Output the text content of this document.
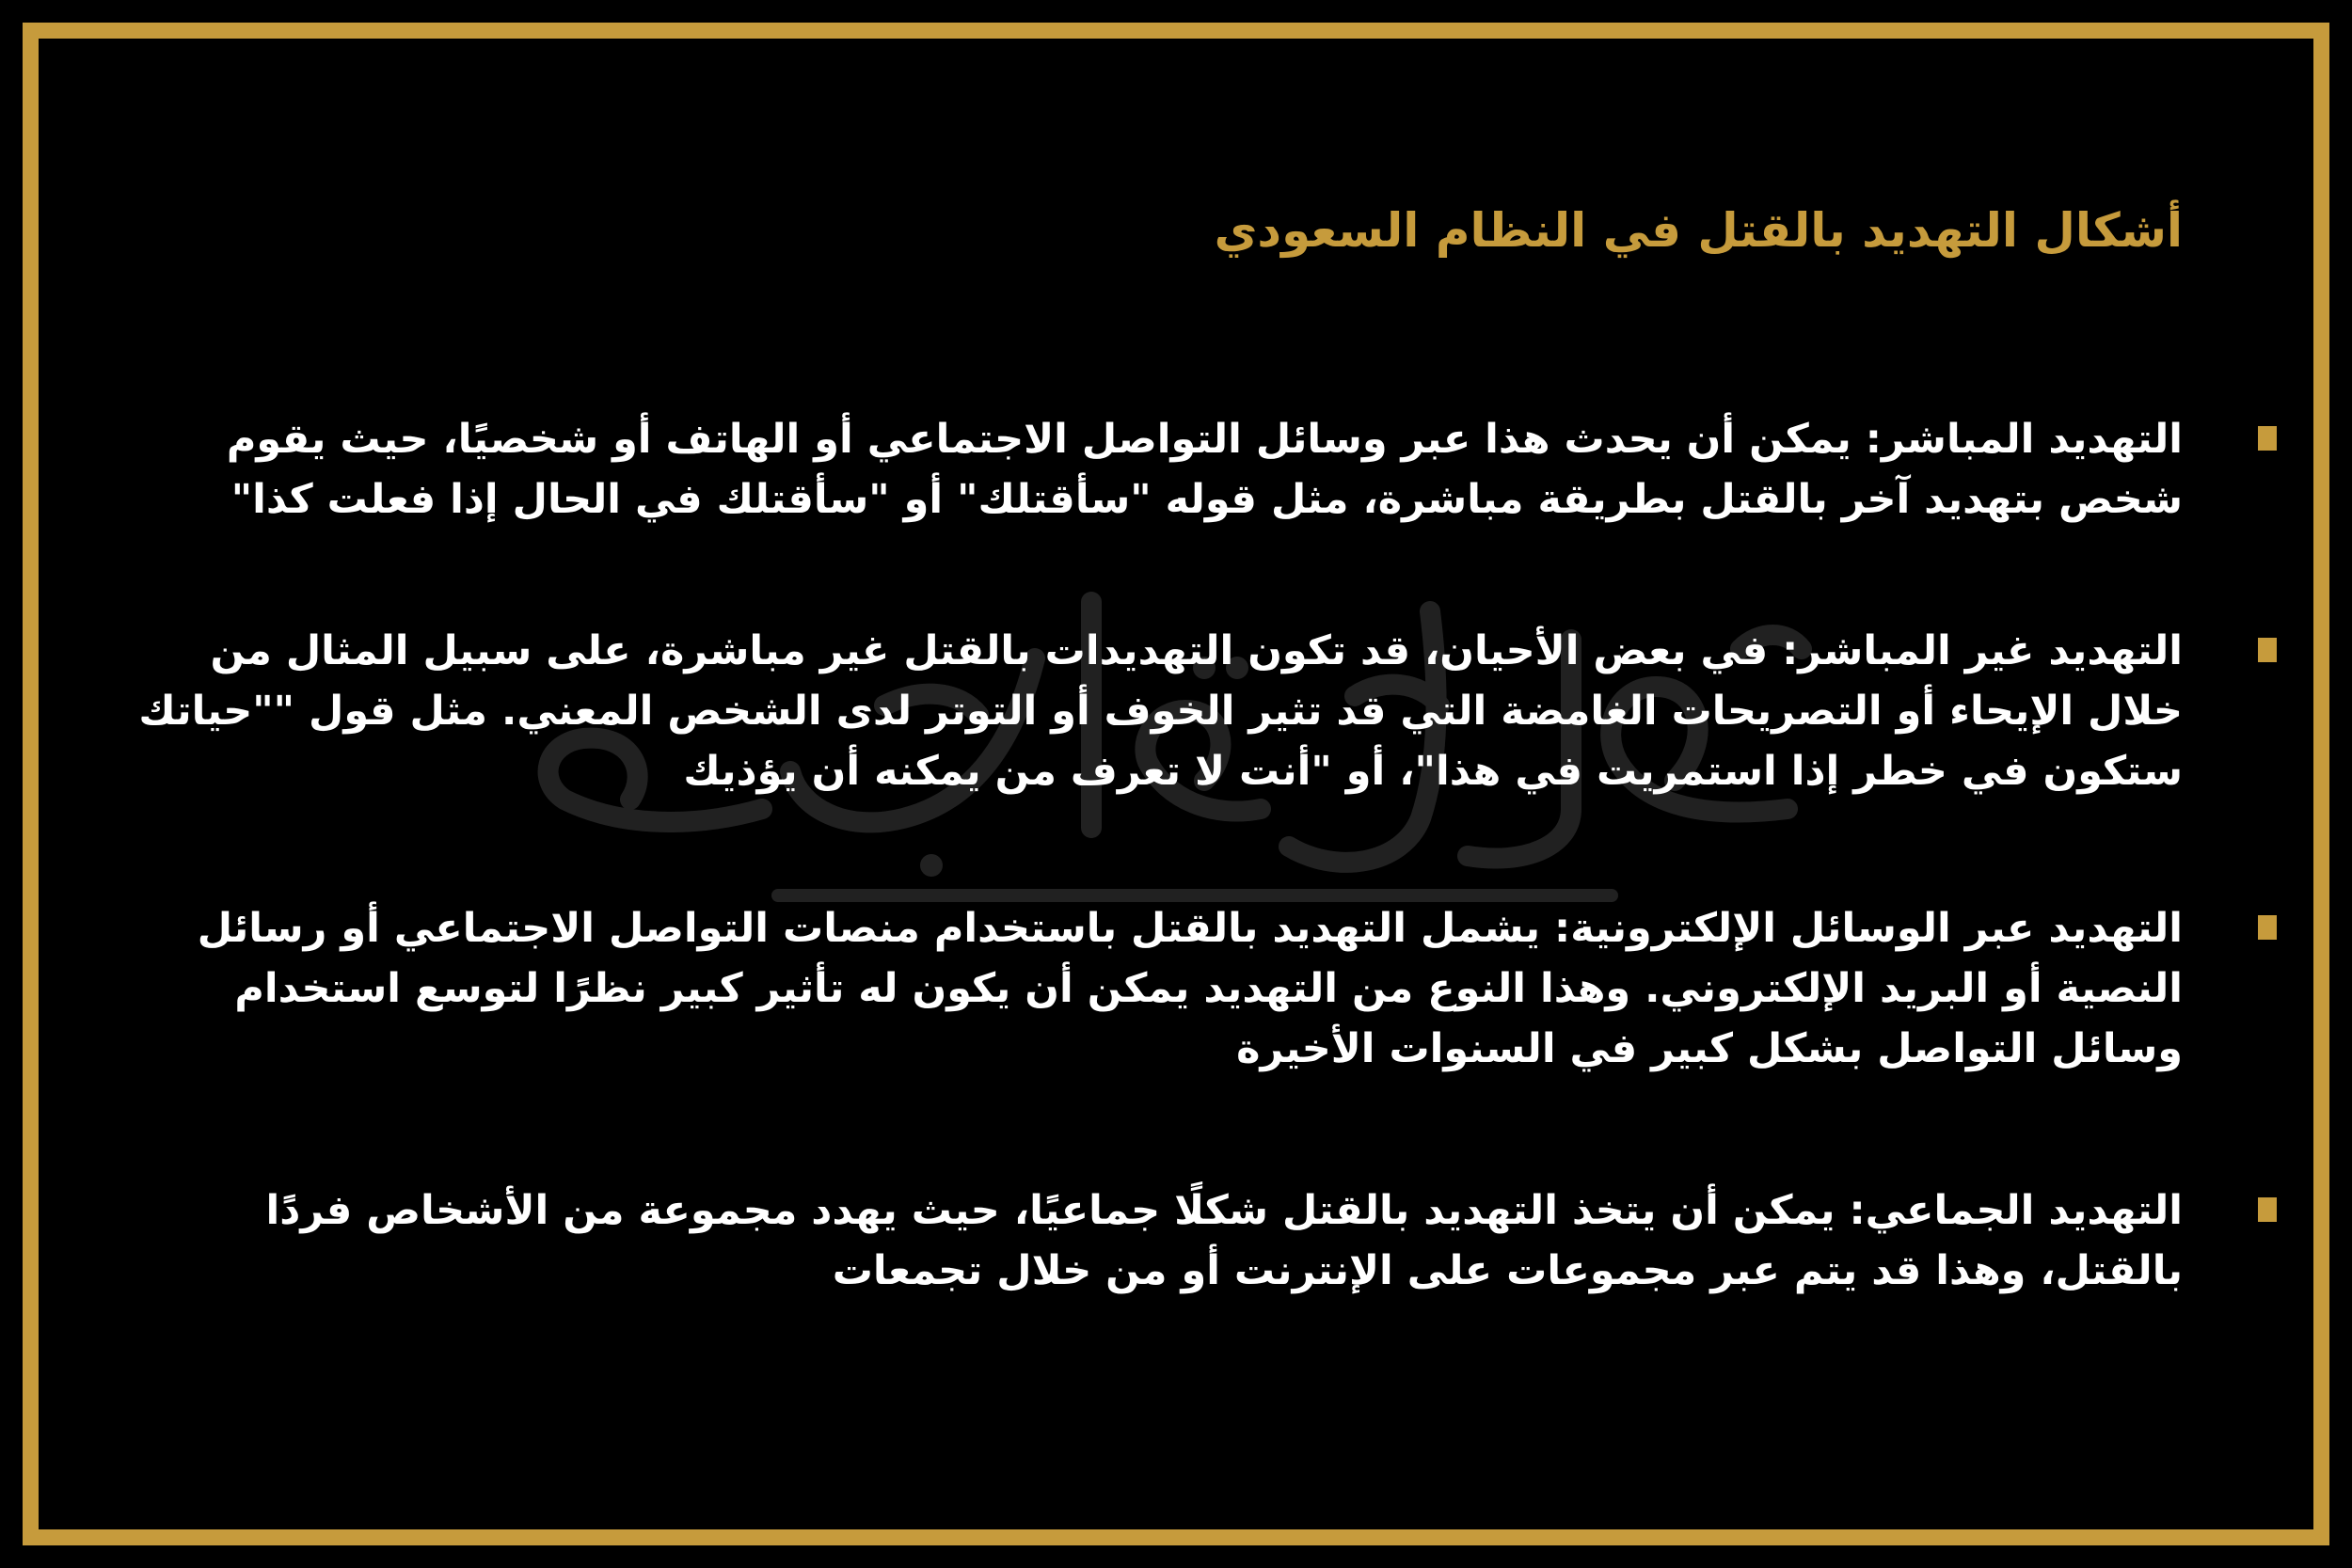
أشكال التهديد بالقتل في النظام السعودي

التهديد المباشر: يمكن أن يحدث هذا عبر وسائل التواصل الاجتماعي أو الهاتف أو شخصيًا، حيث يقوم شخص بتهديد آخر بالقتل بطريقة مباشرة، مثل قوله "سأقتلك" أو "سأقتلك في الحال إذا فعلت كذا"

التهديد غير المباشر: في بعض الأحيان، قد تكون التهديدات بالقتل غير مباشرة، على سبيل المثال من خلال الإيحاء أو التصريحات الغامضة التي قد تثير الخوف أو التوتر لدى الشخص المعني. مثل قول ""حياتك ستكون في خطر إذا استمريت في هذا"، أو "أنت لا تعرف من يمكنه أن يؤذيك

التهديد عبر الوسائل الإلكترونية: يشمل التهديد بالقتل باستخدام منصات التواصل الاجتماعي أو رسائل النصية أو البريد الإلكتروني. وهذا النوع من التهديد يمكن أن يكون له تأثير كبير نظرًا لتوسع استخدام وسائل التواصل بشكل كبير في السنوات الأخيرة

التهديد الجماعي: يمكن أن يتخذ التهديد بالقتل شكلًا جماعيًا، حيث يهدد مجموعة من الأشخاص فردًا بالقتل، وهذا قد يتم عبر مجموعات على الإنترنت أو من خلال تجمعات
